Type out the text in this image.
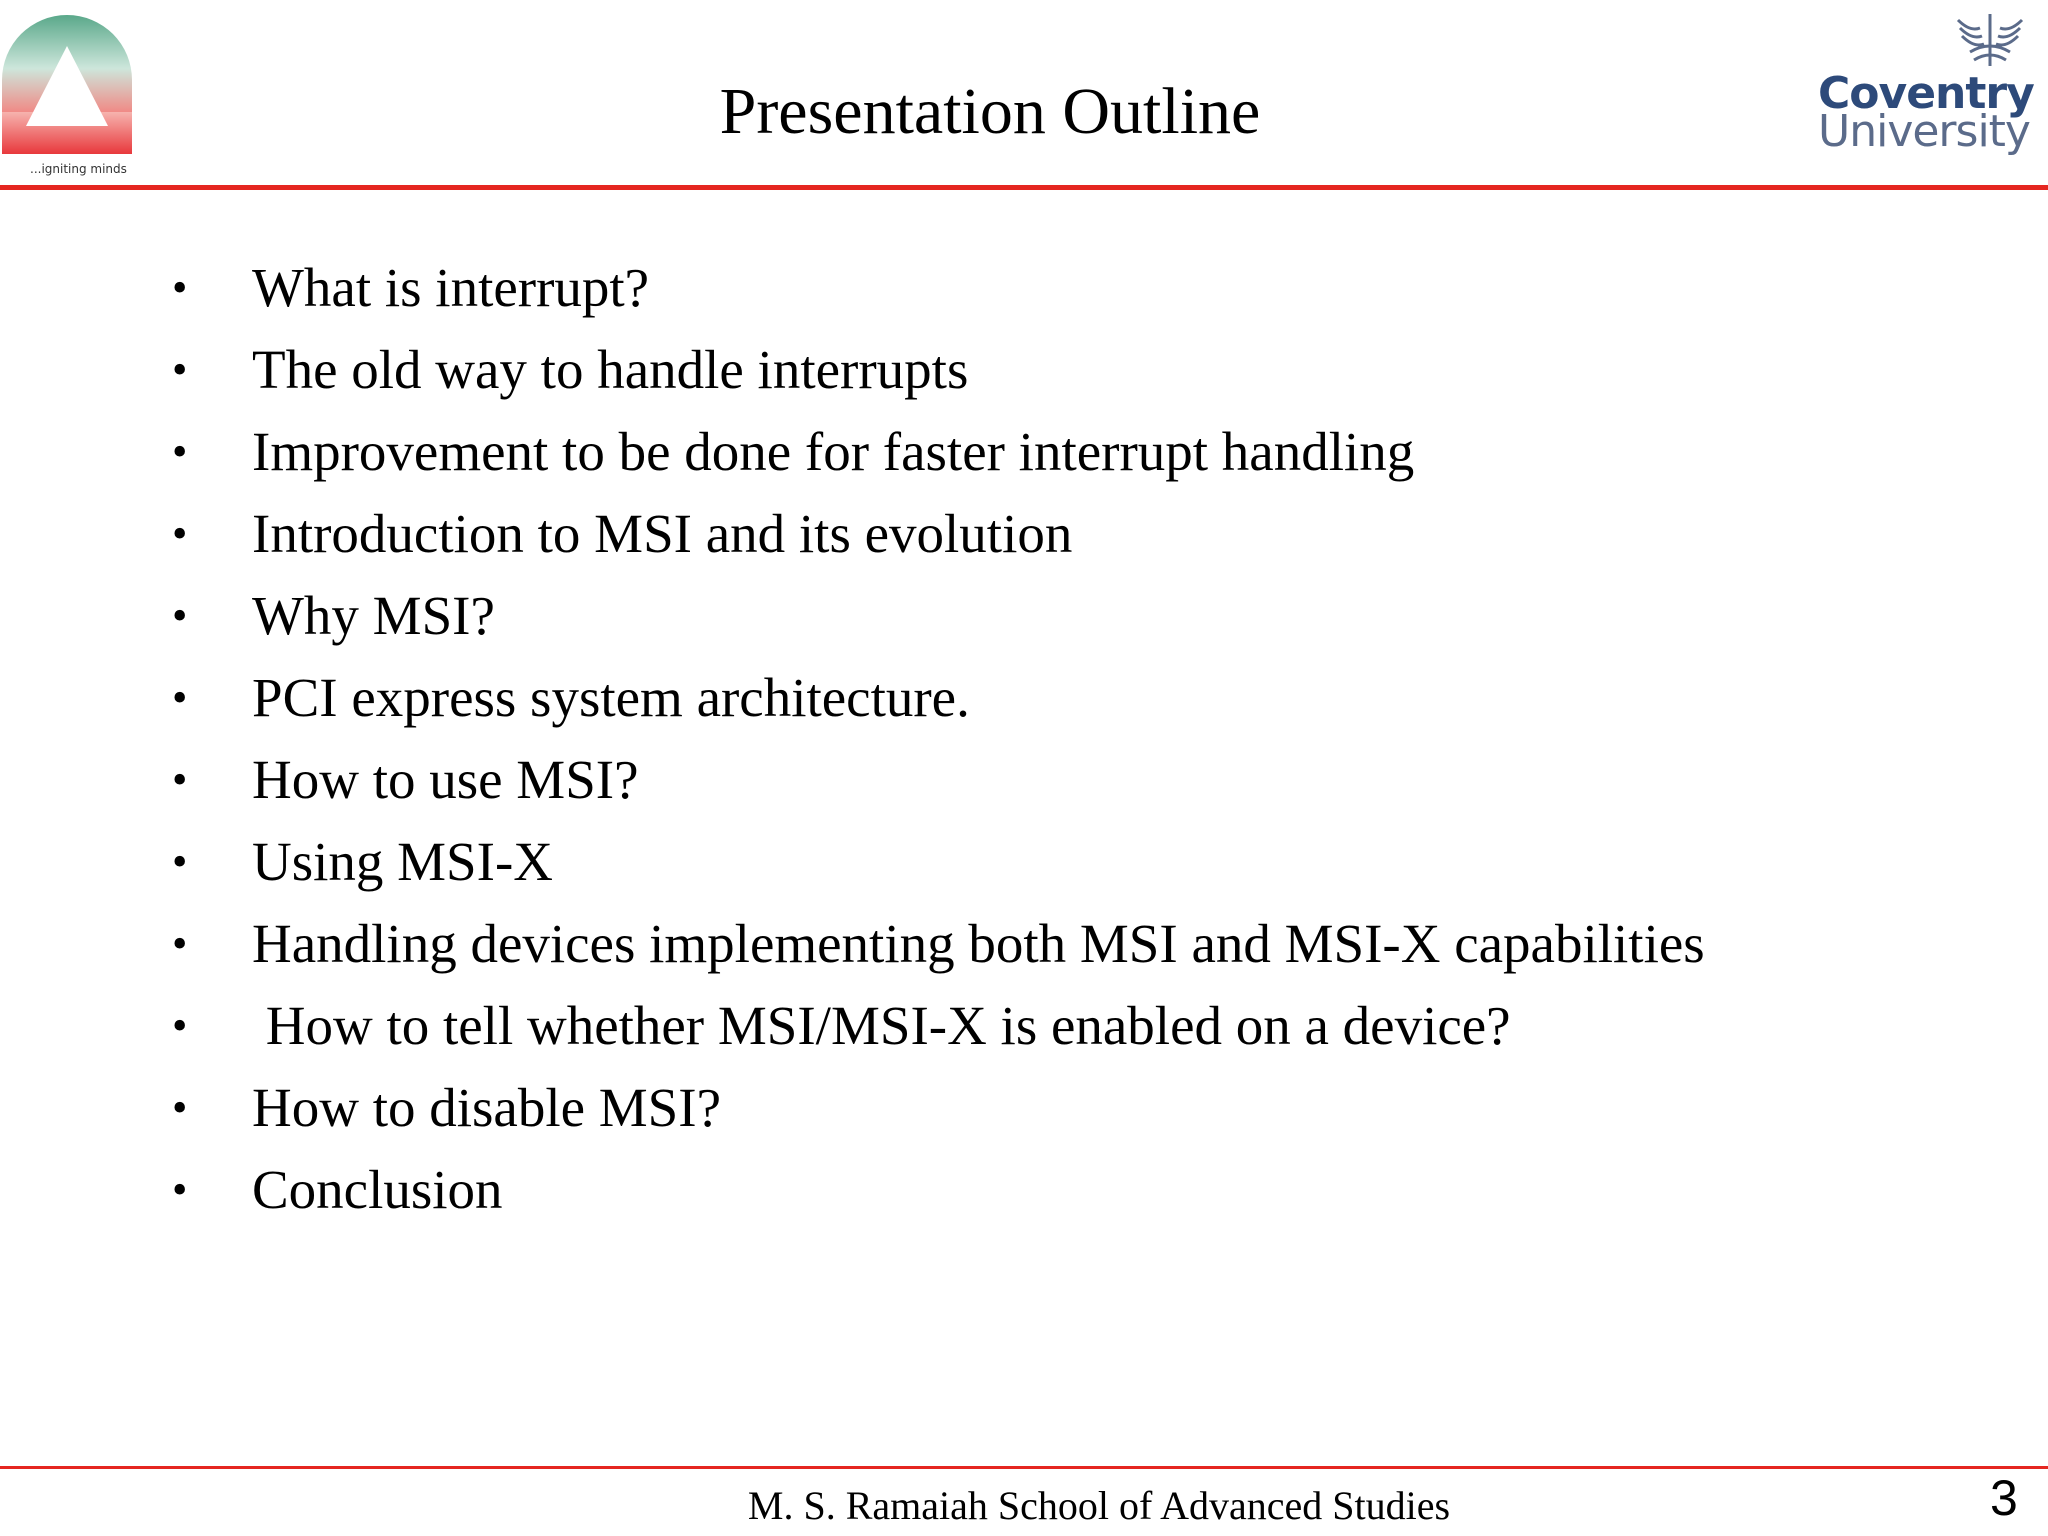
...igniting minds
Presentation Outline	Coventry
University
• What is interrupt?
• The old way to handle interrupts
• Improvement to be done for faster interrupt handling
• Introduction to MSI and its evolution
• Why MSI?
• PCI express system architecture.
• How to use MSI?
• Using MSI-X
• Handling devices implementing both MSI and MSI-X capabilities
• How to tell whether MSI/MSI-X is enabled on a device?
• How to disable MSI?
• Conclusion
M. S. Ramaiah School of Advanced Studies	3
